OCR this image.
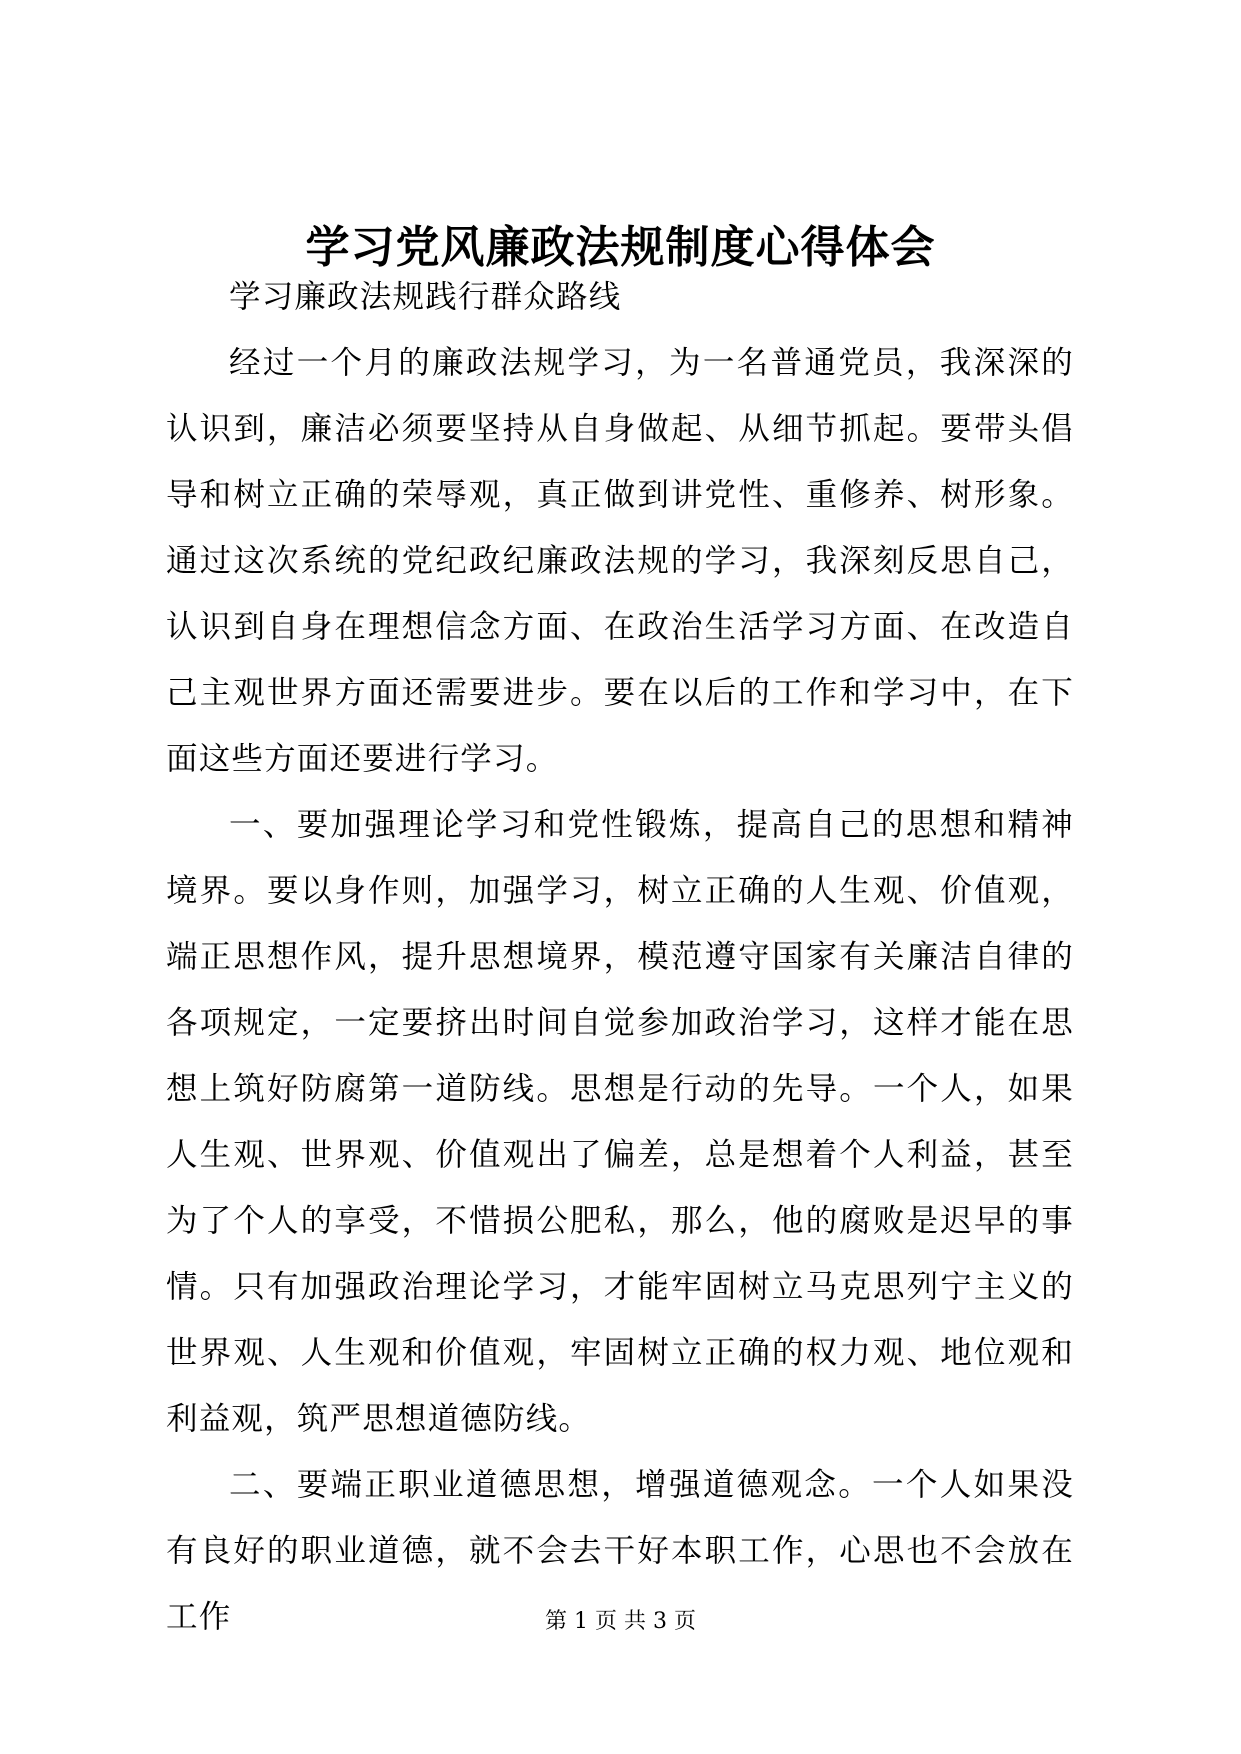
学习党风廉政法规制度心得体会

学习廉政法规践行群众路线

经过一个月的廉政法规学习，为一名普通党员，我深深的认识到，廉洁必须要坚持从自身做起、从细节抓起。要带头倡导和树立正确的荣辱观，真正做到讲党性、重修养、树形象。通过这次系统的党纪政纪廉政法规的学习，我深刻反思自己，认识到自身在理想信念方面、在政治生活学习方面、在改造自己主观世界方面还需要进步。要在以后的工作和学习中，在下面这些方面还要进行学习。

一、要加强理论学习和党性锻炼，提高自己的思想和精神境界。要以身作则，加强学习，树立正确的人生观、价值观，端正思想作风，提升思想境界，模范遵守国家有关廉洁自律的各项规定，一定要挤出时间自觉参加政治学习，这样才能在思想上筑好防腐第一道防线。思想是行动的先导。一个人，如果人生观、世界观、价值观出了偏差，总是想着个人利益，甚至为了个人的享受，不惜损公肥私，那么，他的腐败是迟早的事情。只有加强政治理论学习，才能牢固树立马克思列宁主义的世界观、人生观和价值观，牢固树立正确的权力观、地位观和利益观，筑严思想道德防线。

二、要端正职业道德思想，增强道德观念。一个人如果没有良好的职业道德，就不会去干好本职工作，心思也不会放在工作	第 1 页 共 3 页
